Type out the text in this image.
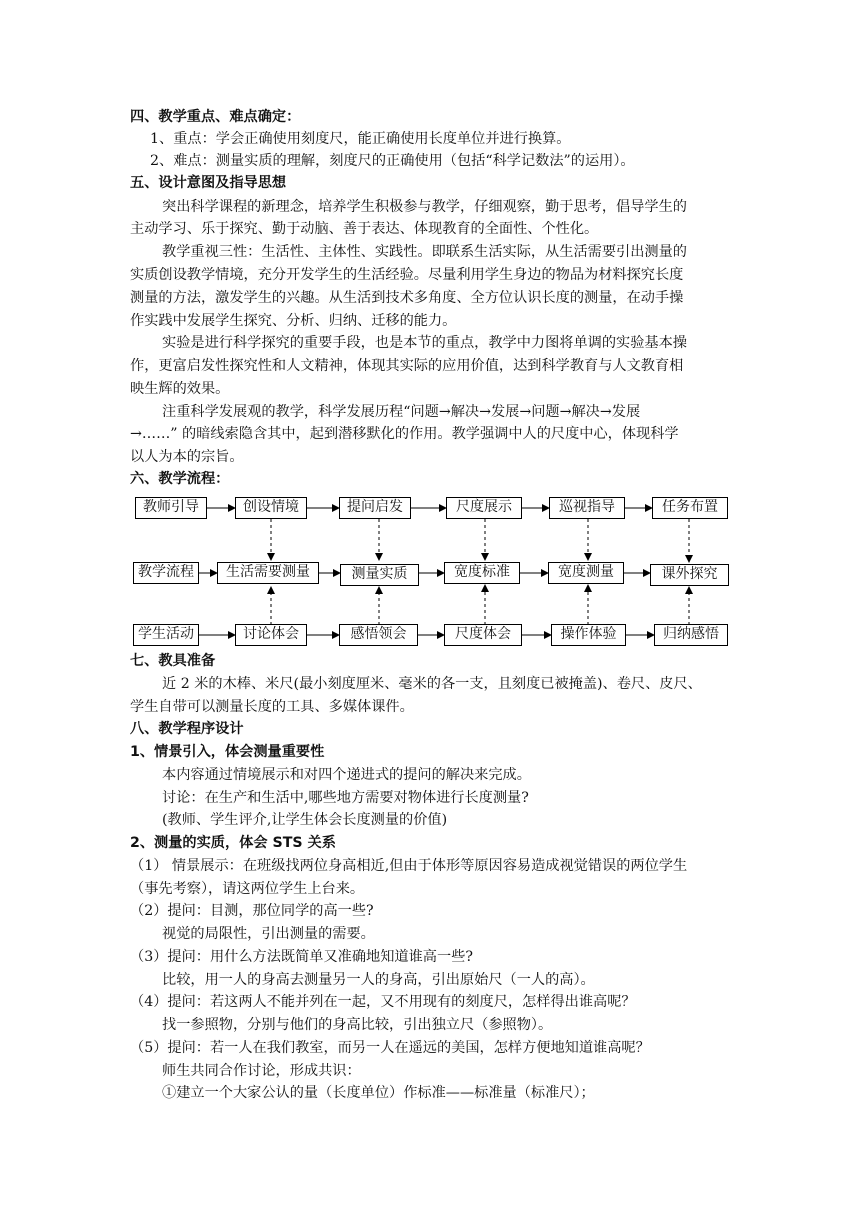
四、教学重点、难点确定：
1、重点：学会正确使用刻度尺，能正确使用长度单位并进行换算。
2、难点：测量实质的理解，刻度尺的正确使用（包括“科学记数法”的运用）。
五、设计意图及指导思想
突出科学课程的新理念，培养学生积极参与教学，仔细观察，勤于思考，倡导学生的
主动学习、乐于探究、勤于动脑、善于表达、体现教育的全面性、个性化。
教学重视三性：生活性、主体性、实践性。即联系生活实际，从生活需要引出测量的
实质创设教学情境，充分开发学生的生活经验。尽量利用学生身边的物品为材料探究长度
测量的方法，激发学生的兴趣。从生活到技术多角度、全方位认识长度的测量，在动手操
作实践中发展学生探究、分析、归纳、迁移的能力。
实验是进行科学探究的重要手段，也是本节的重点，教学中力图将单调的实验基本操
作，更富启发性探究性和人文精神，体现其实际的应用价值，达到科学教育与人文教育相
映生辉的效果。
注重科学发展观的教学，科学发展历程“问题→解决→发展→问题→解决→发展
→……” 的暗线索隐含其中，起到潜移默化的作用。教学强调中人的尺度中心，体现科学
以人为本的宗旨。
六、教学流程：
教师引导	创设情境	提问启发	尺度展示	巡视指导	任务布置
教学流程	生活需要测量	测量实质	宽度标准	宽度测量	课外探究
学生活动	讨论体会	感悟领会	尺度体会	操作体验	归纳感悟
七、教具准备
近 2 米的木棒、米尺(最小刻度厘米、毫米的各一支，且刻度已被掩盖)、卷尺、皮尺、
学生自带可以测量长度的工具、多媒体课件。
八、教学程序设计
1、情景引入，体会测量重要性
本内容通过情境展示和对四个递进式的提问的解决来完成。
讨论：在生产和生活中,哪些地方需要对物体进行长度测量?
(教师、学生评介,让学生体会长度测量的价值)
2、测量的实质，体会 STS 关系
（1） 情景展示：在班级找两位身高相近,但由于体形等原因容易造成视觉错误的两位学生
（事先考察），请这两位学生上台来。
（2）提问：目测，那位同学的高一些?
视觉的局限性，引出测量的需要。
（3）提问：用什么方法既简单又准确地知道谁高一些?
比较，用一人的身高去测量另一人的身高，引出原始尺（一人的高）。
（4）提问：若这两人不能并列在一起，又不用现有的刻度尺，怎样得出谁高呢？
找一参照物，分别与他们的身高比较，引出独立尺（参照物）。
（5）提问：若一人在我们教室，而另一人在遥远的美国，怎样方便地知道谁高呢？
师生共同合作讨论，形成共识：
①建立一个大家公认的量（长度单位）作标准——标准量（标准尺）；
